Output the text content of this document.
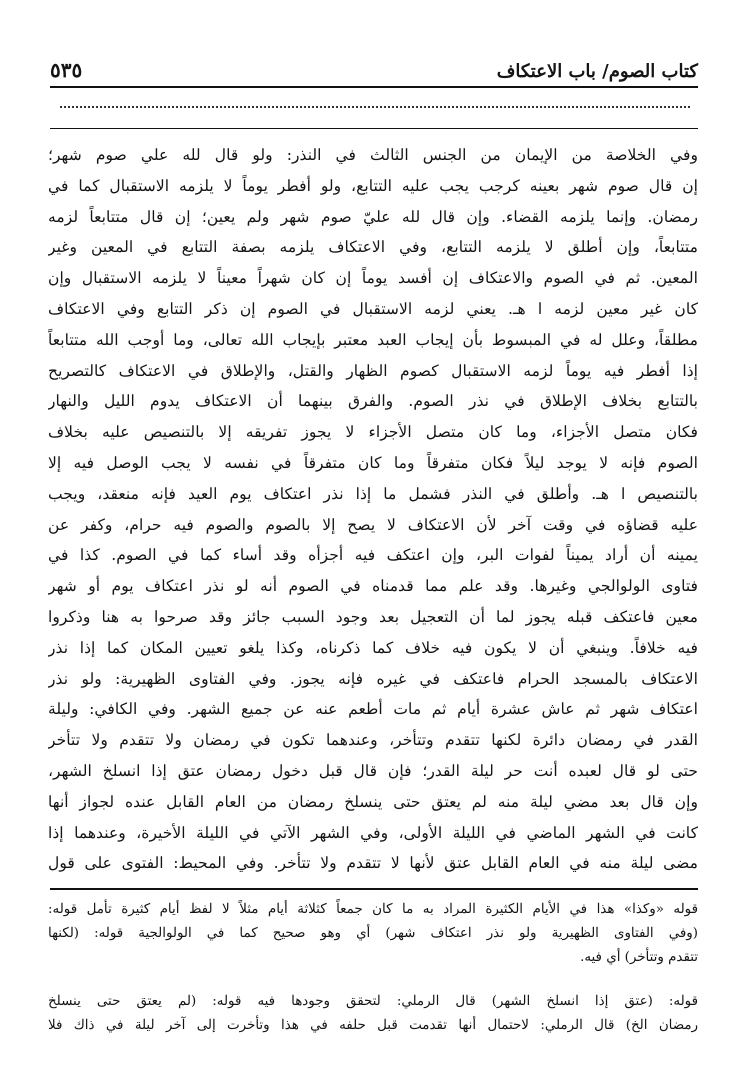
كتاب الصوم/ باب الاعتكاف
٥٣٥
وفي الخلاصة من الإيمان من الجنس الثالث في النذر: ولو قال لله علي صوم شهر؛
إن قال صوم شهر بعينه كرجب يجب عليه التتابع، ولو أفطر يوماً لا يلزمه الاستقبال كما في
رمضان. وإنما يلزمه القضاء. وإن قال لله عليّ صوم شهر ولم يعين؛ إن قال متتابعاً لزمه
متتابعاً، وإن أطلق لا يلزمه التتابع، وفي الاعتكاف يلزمه بصفة التتابع في المعين وغير
المعين. ثم في الصوم والاعتكاف إن أفسد يوماً إن كان شهراً معيناً لا يلزمه الاستقبال وإن
كان غير معين لزمه ا هـ. يعني لزمه الاستقبال في الصوم إن ذكر التتابع وفي الاعتكاف
مطلقاً، وعلل له في المبسوط بأن إيجاب العبد معتبر بإيجاب الله تعالى، وما أوجب الله متتابعاً
إذا أفطر فيه يوماً لزمه الاستقبال كصوم الظهار والقتل، والإطلاق في الاعتكاف كالتصريح
بالتتابع بخلاف الإطلاق في نذر الصوم. والفرق بينهما أن الاعتكاف يدوم الليل والنهار
فكان متصل الأجزاء، وما كان متصل الأجزاء لا يجوز تفريقه إلا بالتنصيص عليه بخلاف
الصوم فإنه لا يوجد ليلاً فكان متفرقاً وما كان متفرقاً في نفسه لا يجب الوصل فيه إلا
بالتنصيص ا هـ. وأطلق في النذر فشمل ما إذا نذر اعتكاف يوم العيد فإنه منعقد، ويجب
عليه قضاؤه في وقت آخر لأن الاعتكاف لا يصح إلا بالصوم والصوم فيه حرام، وكفر عن
يمينه أن أراد يميناً لفوات البر، وإن اعتكف فيه أجزأه وقد أساء كما في الصوم. كذا في
فتاوى الولوالجي وغيرها. وقد علم مما قدمناه في الصوم أنه لو نذر اعتكاف يوم أو شهر
معين فاعتكف قبله يجوز لما أن التعجيل بعد وجود السبب جائز وقد صرحوا به هنا وذكروا
فيه خلافاً. وينبغي أن لا يكون فيه خلاف كما ذكرناه، وكذا يلغو تعيين المكان كما إذا نذر
الاعتكاف بالمسجد الحرام فاعتكف في غيره فإنه يجوز. وفي الفتاوى الظهيرية: ولو نذر
اعتكاف شهر ثم عاش عشرة أيام ثم مات أطعم عنه عن جميع الشهر. وفي الكافي: وليلة
القدر في رمضان دائرة لكنها تتقدم وتتأخر، وعندهما تكون في رمضان ولا تتقدم ولا تتأخر
حتى لو قال لعبده أنت حر ليلة القدر؛ فإن قال قبل دخول رمضان عتق إذا انسلخ الشهر،
وإن قال بعد مضي ليلة منه لم يعتق حتى ينسلخ رمضان من العام القابل عنده لجواز أنها
كانت في الشهر الماضي في الليلة الأولى، وفي الشهر الآتي في الليلة الأخيرة، وعندهما إذا
مضى ليلة منه في العام القابل عتق لأنها لا تتقدم ولا تتأخر. وفي المحيط: الفتوى على قول
قوله «وكذا» هذا في الأيام الكثيرة المراد به ما كان جمعاً كثلاثة أيام مثلاً لا لفظ أيام كثيرة تأمل قوله:
(وفي الفتاوى الظهيرية ولو نذر اعتكاف شهر) أي وهو صحيح كما في الولوالجية قوله: (لكنها
تتقدم وتتأخر) أي فيه.
قوله: (عتق إذا انسلخ الشهر) قال الرملي: لتحقق وجودها فيه قوله: (لم يعتق حتى ينسلخ
رمضان الخ) قال الرملي: لاحتمال أنها تقدمت قبل حلفه في هذا وتأخرت إلى آخر ليلة في ذاك فلا
